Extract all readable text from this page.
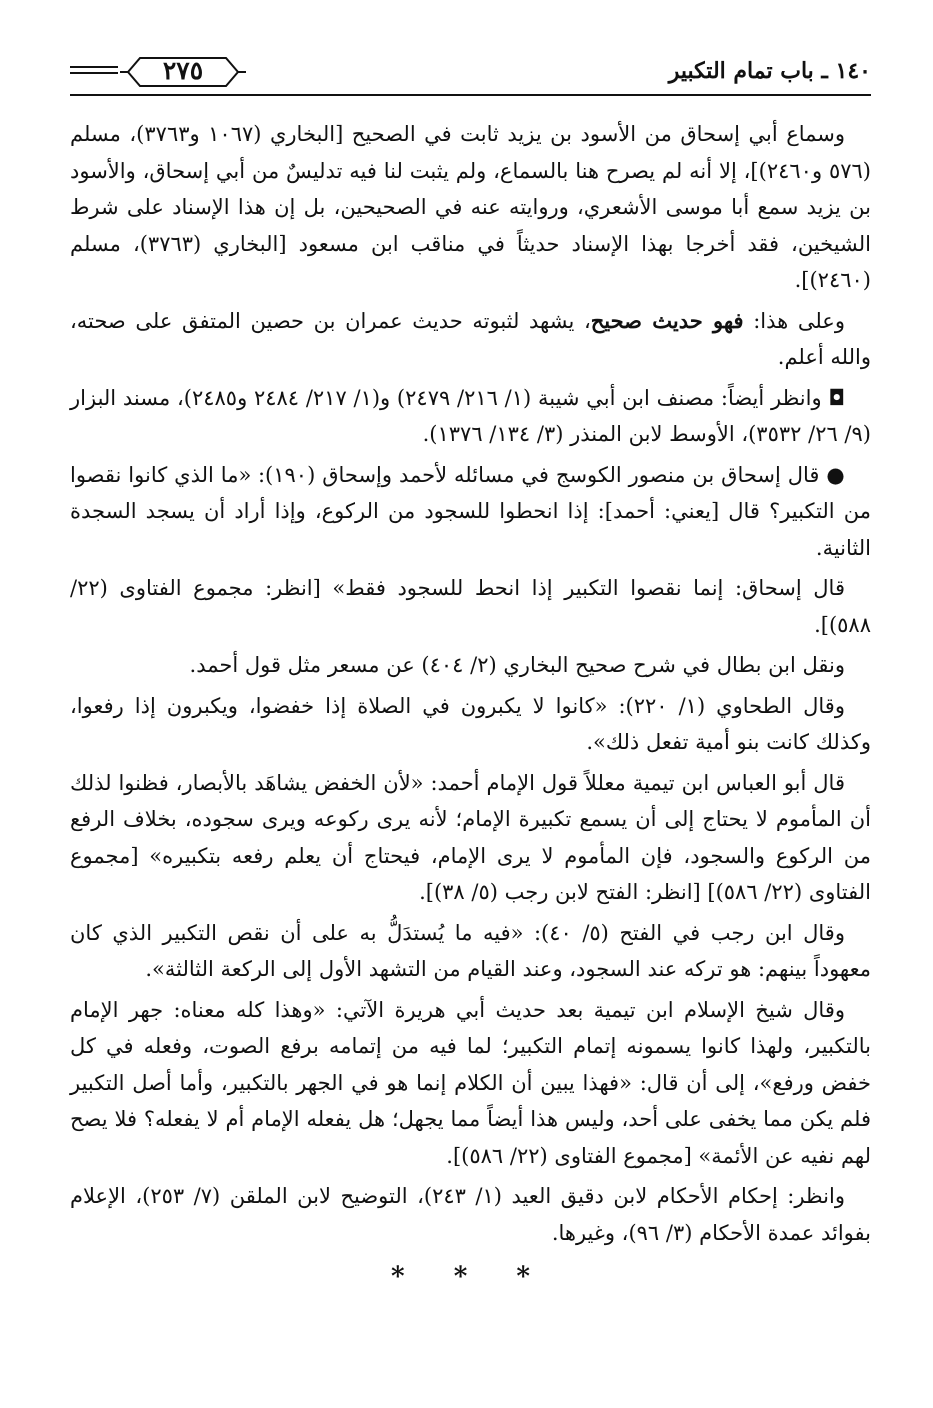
٢٧٥	١٤٠ ـ باب تمام التكبير

وسماع أبي إسحاق من الأسود بن يزيد ثابت في الصحيح [البخاري (١٠٦٧ و٣٧٦٣)، مسلم (٥٧٦ و٢٤٦٠)]، إلا أنه لم يصرح هنا بالسماع، ولم يثبت لنا فيه تدليسٌ من أبي إسحاق، والأسود بن يزيد سمع أبا موسى الأشعري، وروايته عنه في الصحيحين، بل إن هذا الإسناد على شرط الشيخين، فقد أخرجا بهذا الإسناد حديثاً في مناقب ابن مسعود [البخاري (٣٧٦٣)، مسلم (٢٤٦٠)].

وعلى هذا: فهو حديث صحيح، يشهد لثبوته حديث عمران بن حصين المتفق على صحته، والله أعلم.

◘ وانظر أيضاً: مصنف ابن أبي شيبة (١/ ٢١٦/ ٢٤٧٩) و(١/ ٢١٧/ ٢٤٨٤ و٢٤٨٥)، مسند البزار (٩/ ٢٦/ ٣٥٣٢)، الأوسط لابن المنذر (٣/ ١٣٤/ ١٣٧٦).

● قال إسحاق بن منصور الكوسج في مسائله لأحمد وإسحاق (١٩٠): «ما الذي كانوا نقصوا من التكبير؟ قال [يعني: أحمد]: إذا انحطوا للسجود من الركوع، وإذا أراد أن يسجد السجدة الثانية.

قال إسحاق: إنما نقصوا التكبير إذا انحط للسجود فقط» [انظر: مجموع الفتاوى (٢٢/ ٥٨٨)].

ونقل ابن بطال في شرح صحيح البخاري (٢/ ٤٠٤) عن مسعر مثل قول أحمد.

وقال الطحاوي (١/ ٢٢٠): «كانوا لا يكبرون في الصلاة إذا خفضوا، ويكبرون إذا رفعوا، وكذلك كانت بنو أمية تفعل ذلك».

قال أبو العباس ابن تيمية معللاً قول الإمام أحمد: «لأن الخفض يشاهَد بالأبصار، فظنوا لذلك أن المأموم لا يحتاج إلى أن يسمع تكبيرة الإمام؛ لأنه يرى ركوعه ويرى سجوده، بخلاف الرفع من الركوع والسجود، فإن المأموم لا يرى الإمام، فيحتاج أن يعلم رفعه بتكبيره» [مجموع الفتاوى (٢٢/ ٥٨٦)] [انظر: الفتح لابن رجب (٥/ ٣٨)].

وقال ابن رجب في الفتح (٥/ ٤٠): «فيه ما يُستدَلُّ به على أن نقص التكبير الذي كان معهوداً بينهم: هو تركه عند السجود، وعند القيام من التشهد الأول إلى الركعة الثالثة».

وقال شيخ الإسلام ابن تيمية بعد حديث أبي هريرة الآتي: «وهذا كله معناه: جهر الإمام بالتكبير، ولهذا كانوا يسمونه إتمام التكبير؛ لما فيه من إتمامه برفع الصوت، وفعله في كل خفض ورفع»، إلى أن قال: «فهذا يبين أن الكلام إنما هو في الجهر بالتكبير، وأما أصل التكبير فلم يكن مما يخفى على أحد، وليس هذا أيضاً مما يجهل؛ هل يفعله الإمام أم لا يفعله؟ فلا يصح لهم نفيه عن الأئمة» [مجموع الفتاوى (٢٢/ ٥٨٦)].

وانظر: إحكام الأحكام لابن دقيق العيد (١/ ٢٤٣)، التوضيح لابن الملقن (٧/ ٢٥٣)، الإعلام بفوائد عمدة الأحكام (٣/ ٩٦)، وغيرها.

* * *
